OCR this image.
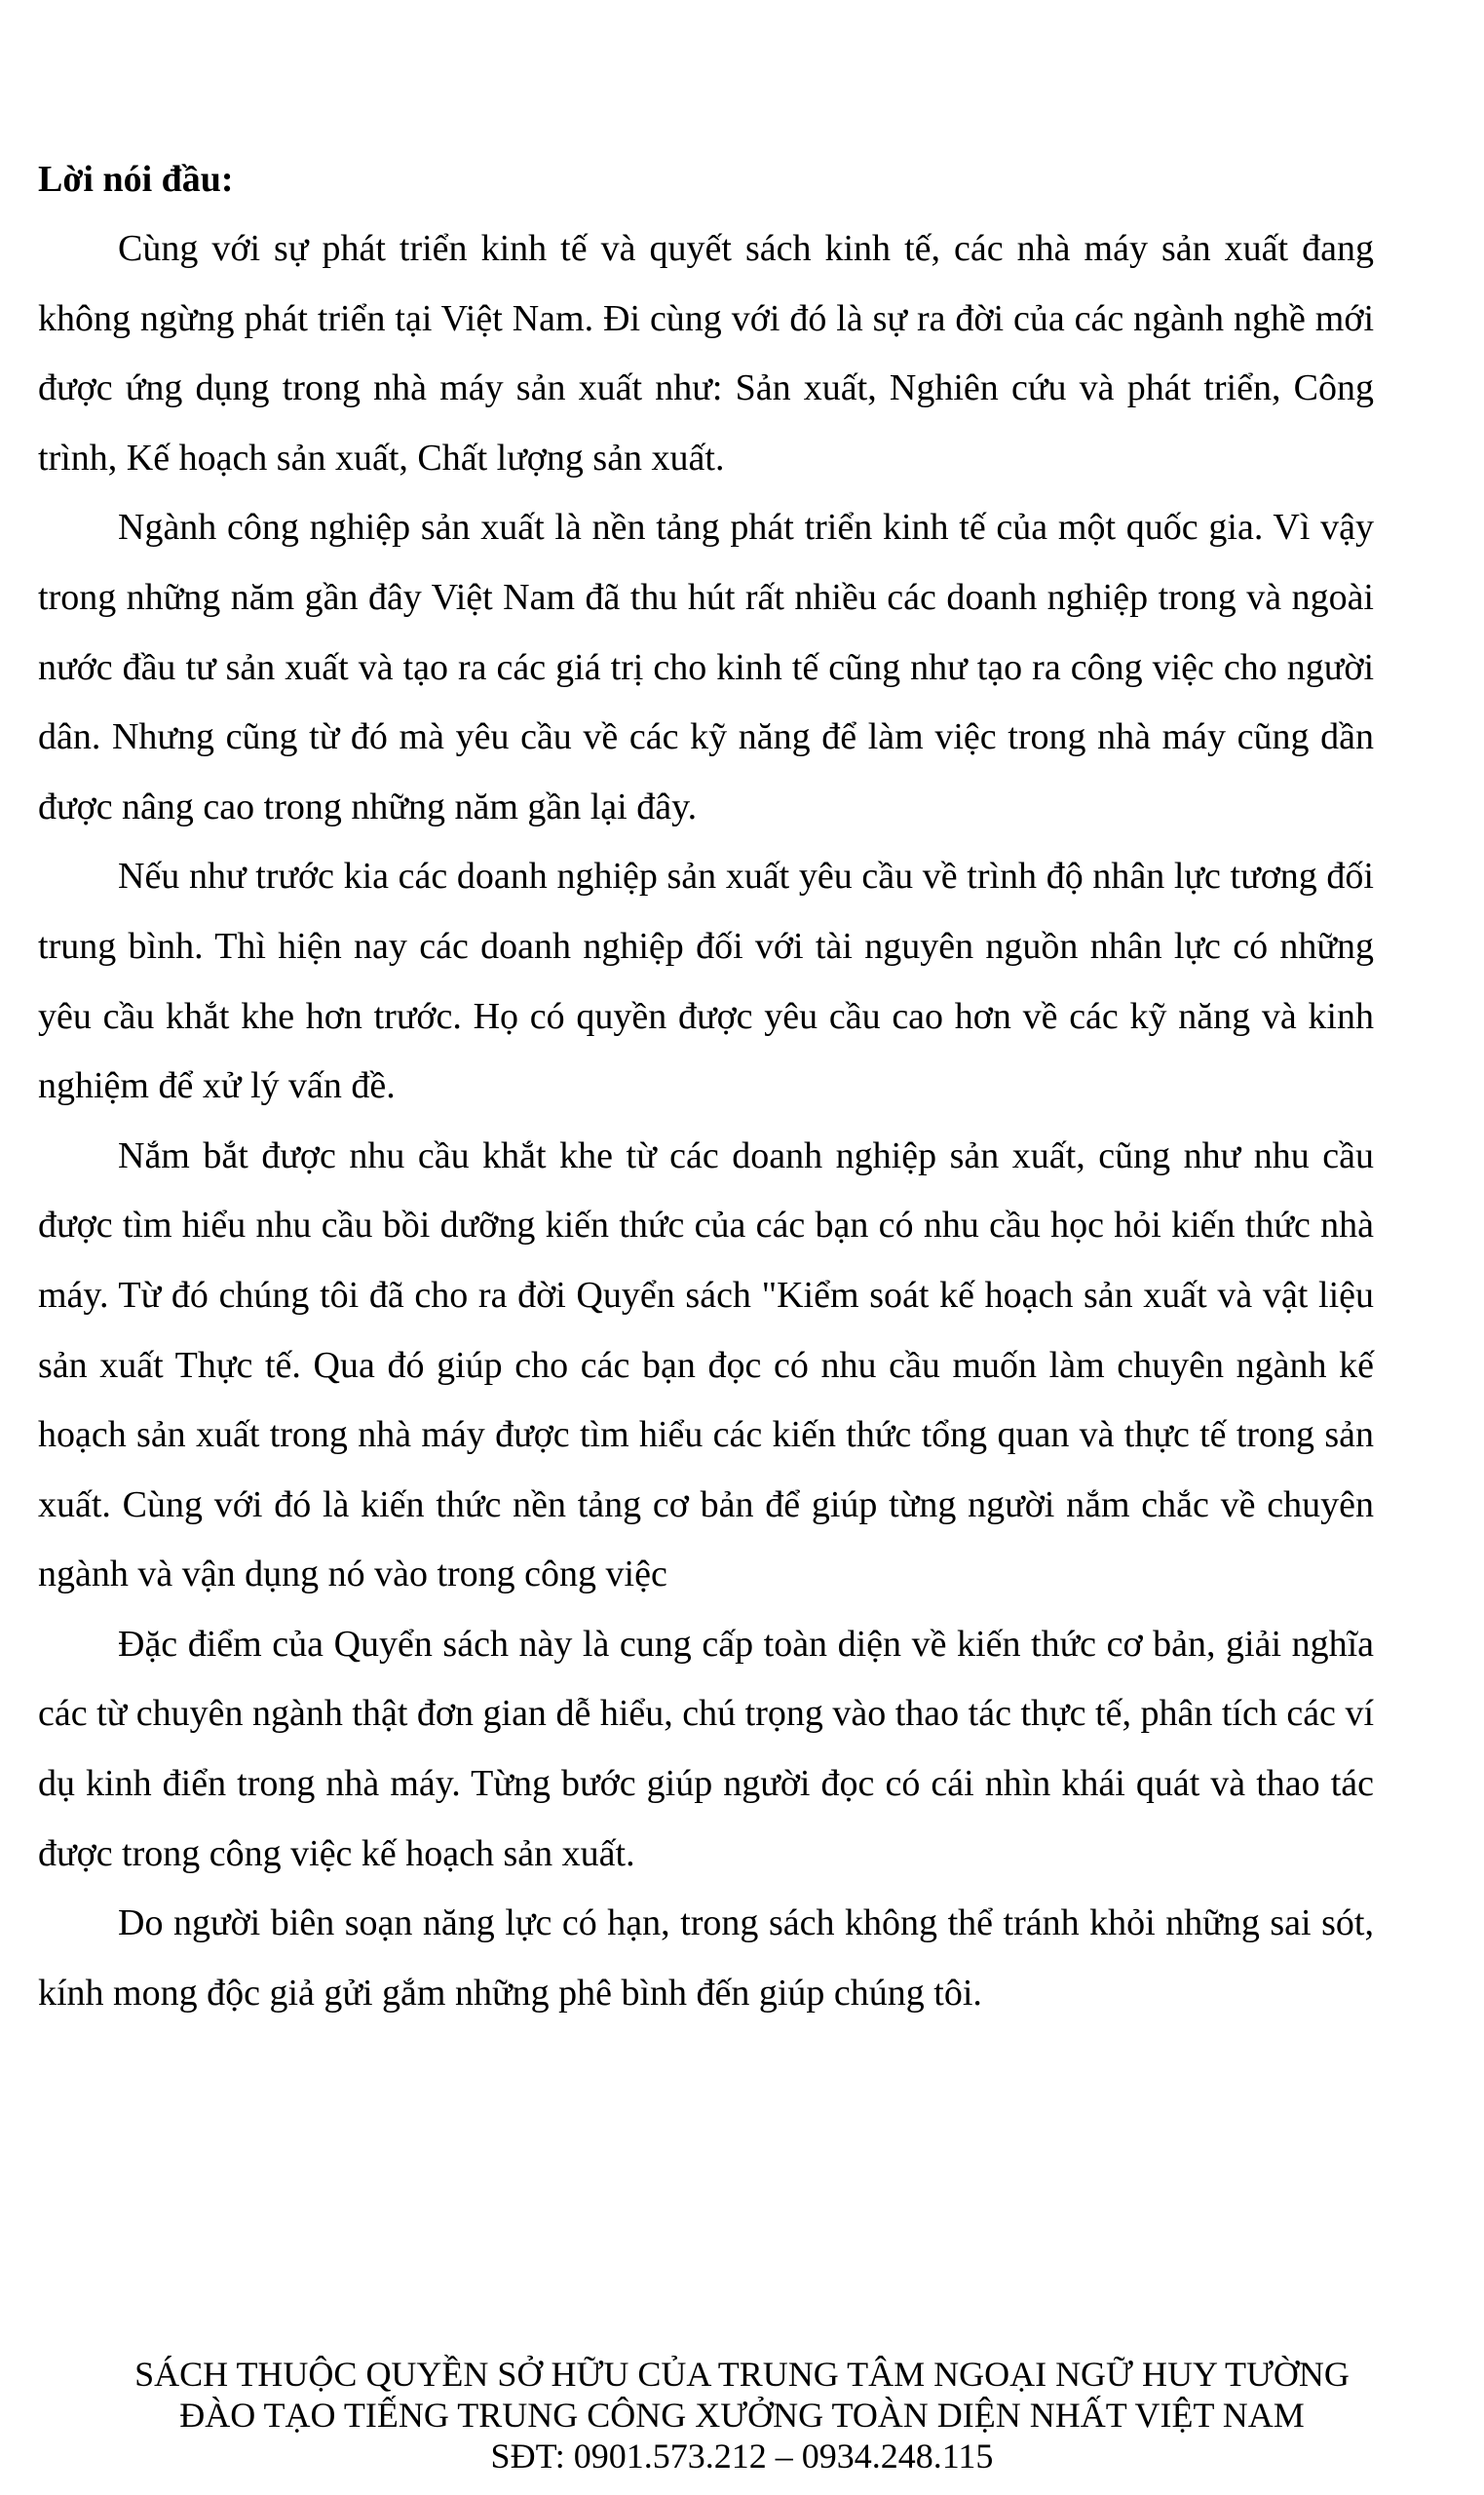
Lời nói đầu:

Cùng với sự phát triển kinh tế và quyết sách kinh tế, các nhà máy sản xuất đang không ngừng phát triển tại Việt Nam. Đi cùng với đó là sự ra đời của các ngành nghề mới được ứng dụng trong nhà máy sản xuất như: Sản xuất, Nghiên cứu và phát triển, Công trình, Kế hoạch sản xuất, Chất lượng sản xuất.

Ngành công nghiệp sản xuất là nền tảng phát triển kinh tế của một quốc gia. Vì vậy trong những năm gần đây Việt Nam đã thu hút rất nhiều các doanh nghiệp trong và ngoài nước đầu tư sản xuất và tạo ra các giá trị cho kinh tế cũng như tạo ra công việc cho người dân. Nhưng cũng từ đó mà yêu cầu về các kỹ năng để làm việc trong nhà máy cũng dần được nâng cao trong những năm gần lại đây.

Nếu như trước kia các doanh nghiệp sản xuất yêu cầu về trình độ nhân lực tương đối trung bình. Thì hiện nay các doanh nghiệp đối với tài nguyên nguồn nhân lực có những yêu cầu khắt khe hơn trước. Họ có quyền được yêu cầu cao hơn về các kỹ năng và kinh nghiệm để xử lý vấn đề.

Nắm bắt được nhu cầu khắt khe từ các doanh nghiệp sản xuất, cũng như nhu cầu được tìm hiểu nhu cầu bồi dưỡng kiến thức của các bạn có nhu cầu học hỏi kiến thức nhà máy. Từ đó chúng tôi đã cho ra đời Quyển sách "Kiểm soát kế hoạch sản xuất và vật liệu sản xuất Thực tế. Qua đó giúp cho các bạn đọc có nhu cầu muốn làm chuyên ngành kế hoạch sản xuất trong nhà máy được tìm hiểu các kiến thức tổng quan và thực tế trong sản xuất. Cùng với đó là kiến thức nền tảng cơ bản để giúp từng người nắm chắc về chuyên ngành và vận dụng nó vào trong công việc

Đặc điểm của Quyển sách này là cung cấp toàn diện về kiến thức cơ bản, giải nghĩa các từ chuyên ngành thật đơn gian dễ hiểu, chú trọng vào thao tác thực tế, phân tích các ví dụ kinh điển trong nhà máy. Từng bước giúp người đọc có cái nhìn khái quát và thao tác được trong công việc kế hoạch sản xuất.

Do người biên soạn năng lực có hạn, trong sách không thể tránh khỏi những sai sót, kính mong độc giả gửi gắm những phê bình đến giúp chúng tôi.

SÁCH THUỘC QUYỀN SỞ HỮU CỦA TRUNG TÂM NGOẠI NGỮ HUY TƯỜNG
ĐÀO TẠO TIẾNG TRUNG CÔNG XƯỞNG TOÀN DIỆN NHẤT VIỆT NAM
SĐT: 0901.573.212 – 0934.248.115
